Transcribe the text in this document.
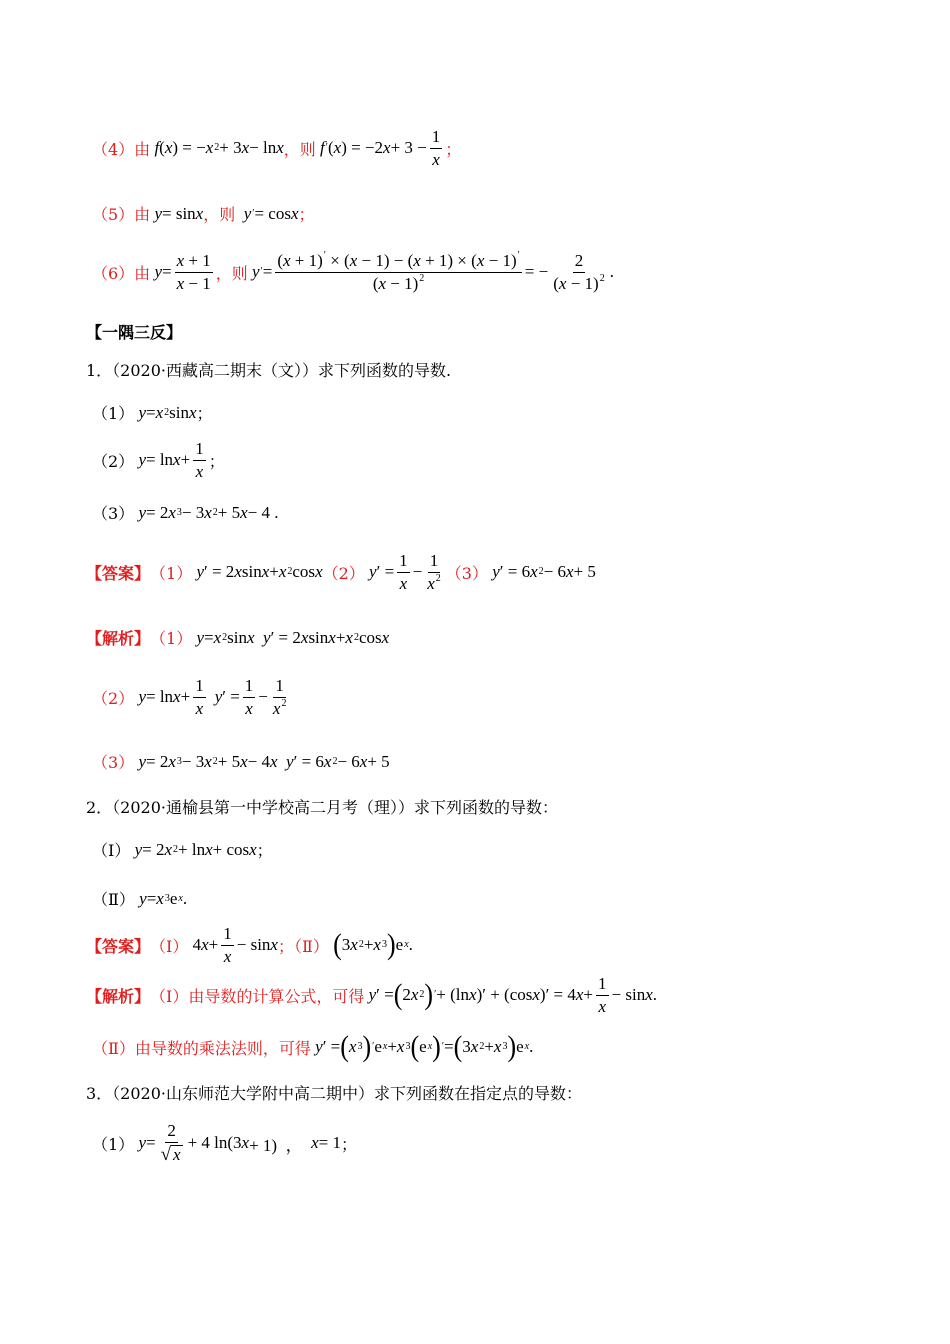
（4）由
f ( x ) = − x 2 + 3 x − ln x ，则
f ′ ( x ) = −2 $x + 3 - \frac{1}{x}$ ；
（5）由
y = sin x ，则
y ′ = cos x ；
（6）由
$y = \frac{x + 1}{x - 1}$ ，则
y ′ = $\frac{(x + 1)' \times (x - 1) - (x + 1) \times (x - 1)'}{(x - 1)^2}$ = − $\frac{2}{(x - 1)^2}$ .
【一隅三反】
1．（2020·西藏高二期末（文））求下列函数的导数.
（1）
y = x 2 sin x ；
（2）
$y = \ln x + \frac{1}{x}$ ；
（3）
y = 2 x 3 − 3 x 2 + 5 x − 4 .
【答案】 （1）
y ′ = 2 x sin x + x 2 cos x （2）
y ′ = $\frac{1}{x} - \frac{1}{x^2} (3)$
y ′ = 6 x 2 − 6 x + 5
【解析】 （1）
y = x 2 sin x
y ′ = 2 x sin x + x 2 cos x
（2）
$y = \ln x + \frac{1}{x}$ y ′ = $\frac{1}{x} - \frac{1}{x^2}$
（3）
y = 2 x 3 − 3 x 2 + 5 x − 4 x
y ′ = 6 x 2 − 6 x + 5
2．（2020·通榆县第一中学校高二月考（理））求下列函数的导数：
（Ⅰ）
y = 2 x 2 + ln x + cos x ；
（Ⅱ）
y = x 3 e x .
【答案】 （Ⅰ） 4 $x + \frac{1}{x} - \sin x$ ；（Ⅱ）
( 3 x 2 + x 3 ) e x .
【解析】 （Ⅰ）由导数的计算公式，可得
y ′ = ( 2 x 2 ) ′ + (ln x )′ + (cos x )′ = 4 $x + \frac{1}{x} - \sin x$ .
（Ⅱ）由导数的乘法法则，可得
y ′ = ( x 3 ) ′ e x + x 3 ( e x ) ′ = ( 3 x 2 + x 3 ) e x .
3．（2020·山东师范大学附中高二期中）求下列函数在指定点的导数：
（1）
$y = \frac{2}{√ x} + 4$ ln(3 x + 1)  ， x = 1 ；
